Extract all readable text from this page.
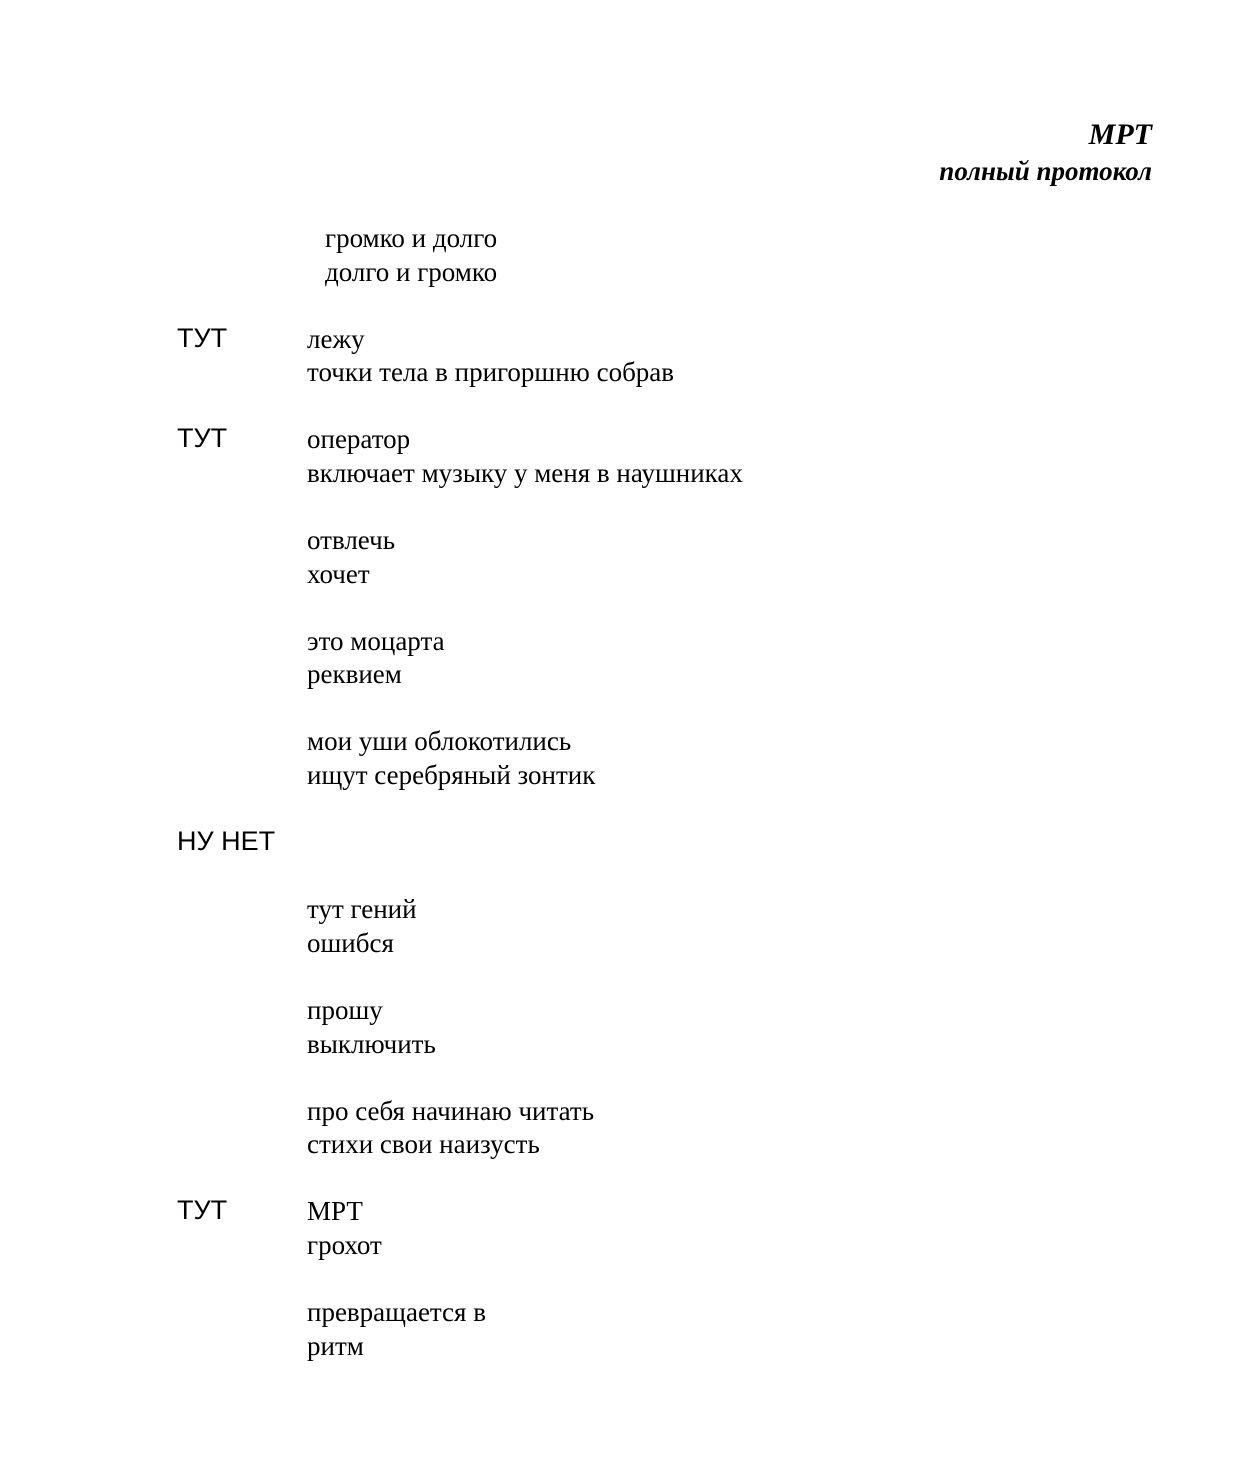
МРТ
полный протокол
громко и долго
долго и громко
ТУТ	лежу
точки тела в пригоршню собрав
ТУТ	оператор
включает музыку у меня в наушниках
отвлечь
хочет
это моцарта
реквием
мои уши облокотились
ищут серебряный зонтик
НУ НЕТ
тут гений
ошибся
прошу
выключить
про себя начинаю читать
стихи свои наизусть
ТУТ	МРТ
грохот
превращается в
ритм
